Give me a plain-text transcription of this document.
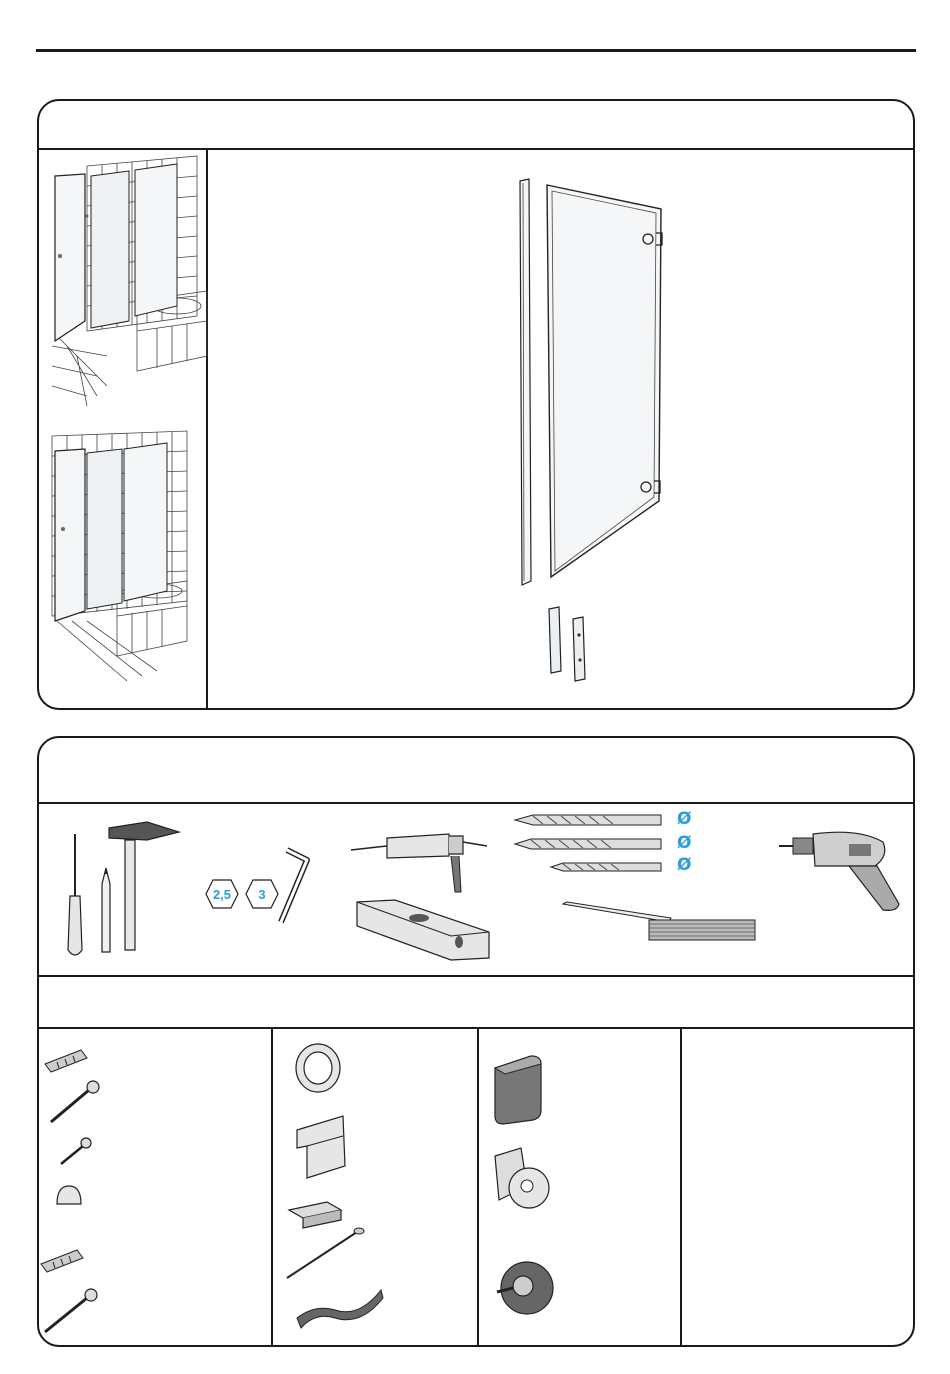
2,5	3
Ø
Ø
Ø
